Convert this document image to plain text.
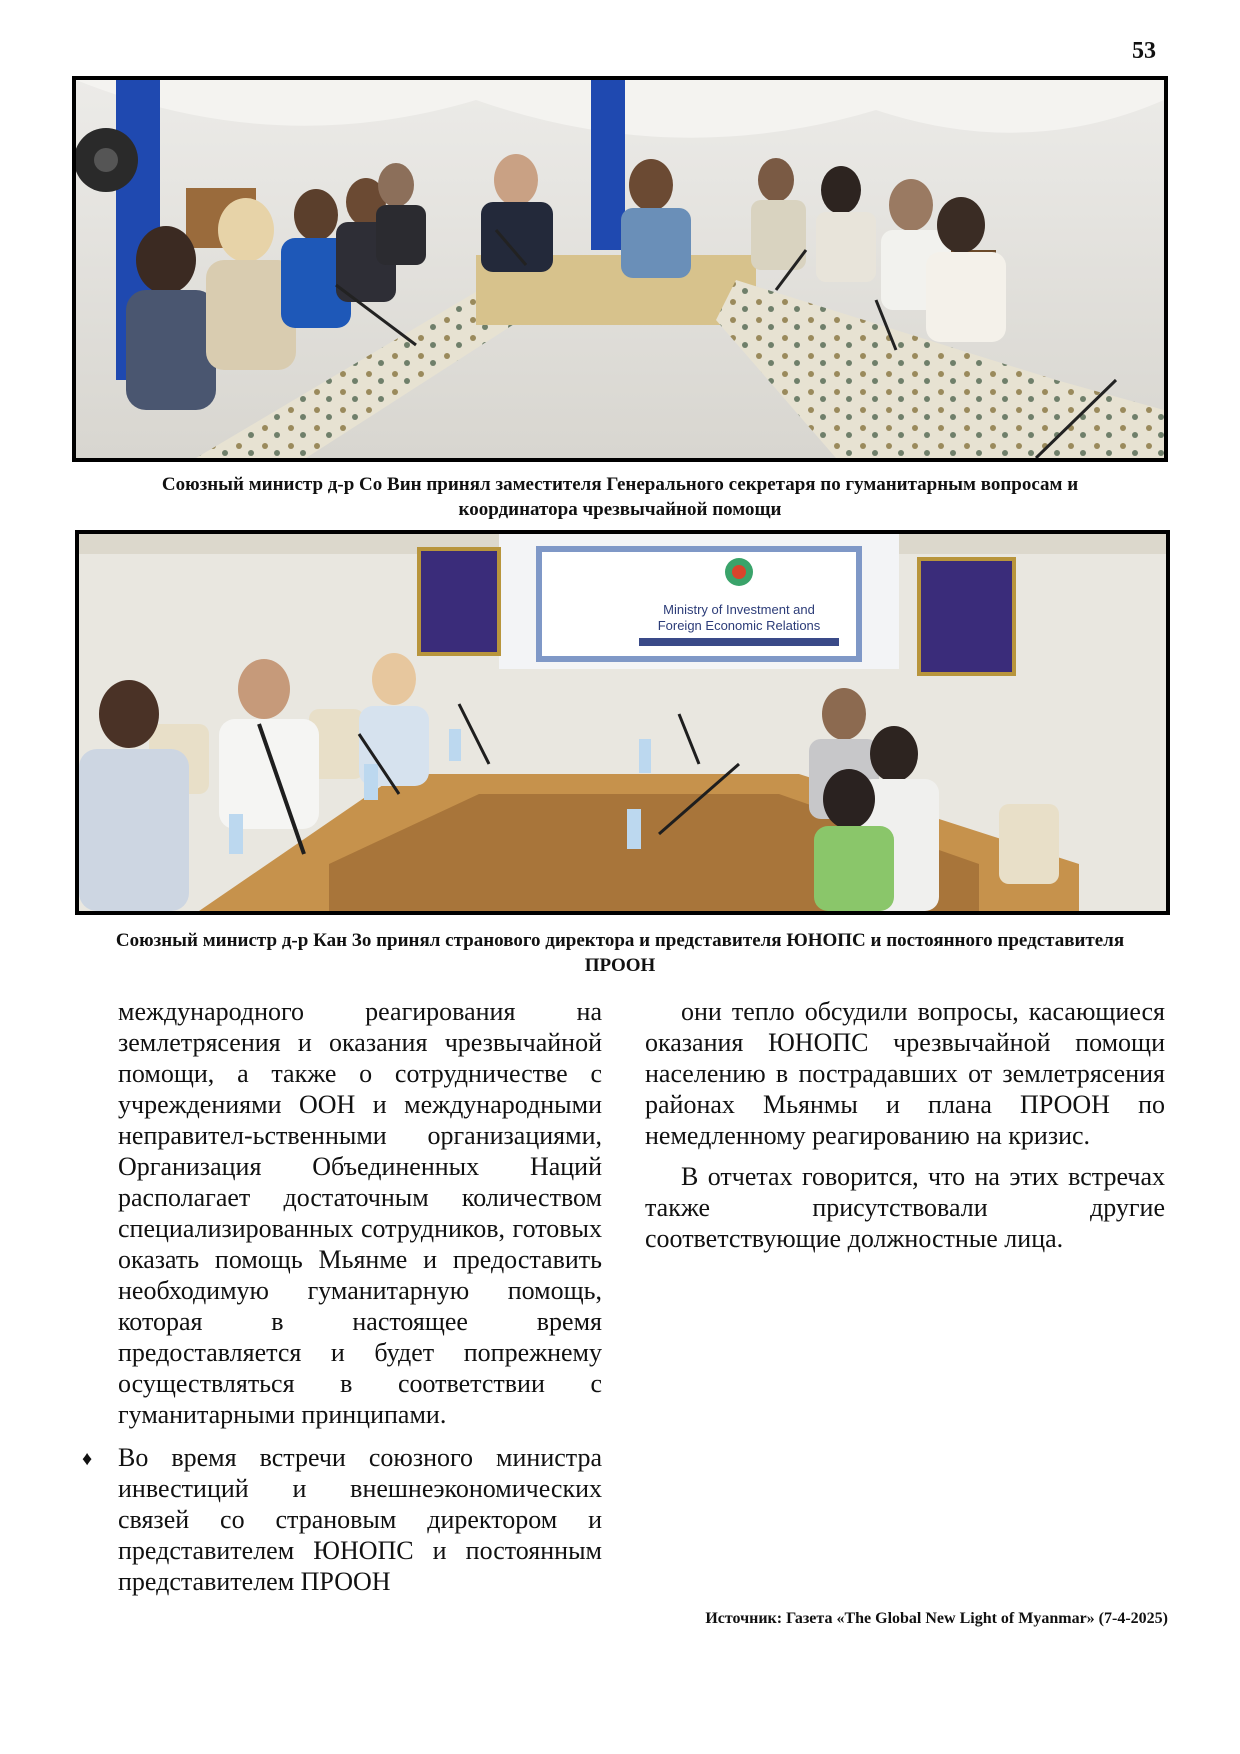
53
Союзный министр д-р Со Вин принял заместителя Генерального секретаря по гуманитарным вопросам и координатора чрезвычайной помощи
Ministry of Investment and
Foreign Economic Relations
Союзный министр д-р Кан Зо принял странового директора и представителя ЮНОПС и постоянного представителя ПРООН

международного реагирования на землетрясения и оказания чрезвычайной помощи, а также о сотрудничестве с учреждениями ООН и международными неправител-ьственными организациями, Организация Объединенных Наций располагает достаточным количеством специализированных сотрудников, готовых оказать помощь Мьянме и предоставить необходимую гуманитарную помощь, которая в настоящее время предоставляется и будет попрежнему осуществляться в соответствии с гуманитарными принципами.

♦ Во время встречи союзного министра инвестиций и внешнеэкономических связей со страновым директором и представителем ЮНОПС и постоянным представителем ПРООН

они тепло обсудили вопросы, касающиеся оказания ЮНОПС чрезвычайной помощи населению в пострадавших от землетрясения районах Мьянмы и плана ПРООН по немедленному реагированию на кризис.

В отчетах говорится, что на этих встречах также присутствовали другие соответствующие должностные лица.

Источник: Газета «The Global New Light of Myanmar» (7-4-2025)
